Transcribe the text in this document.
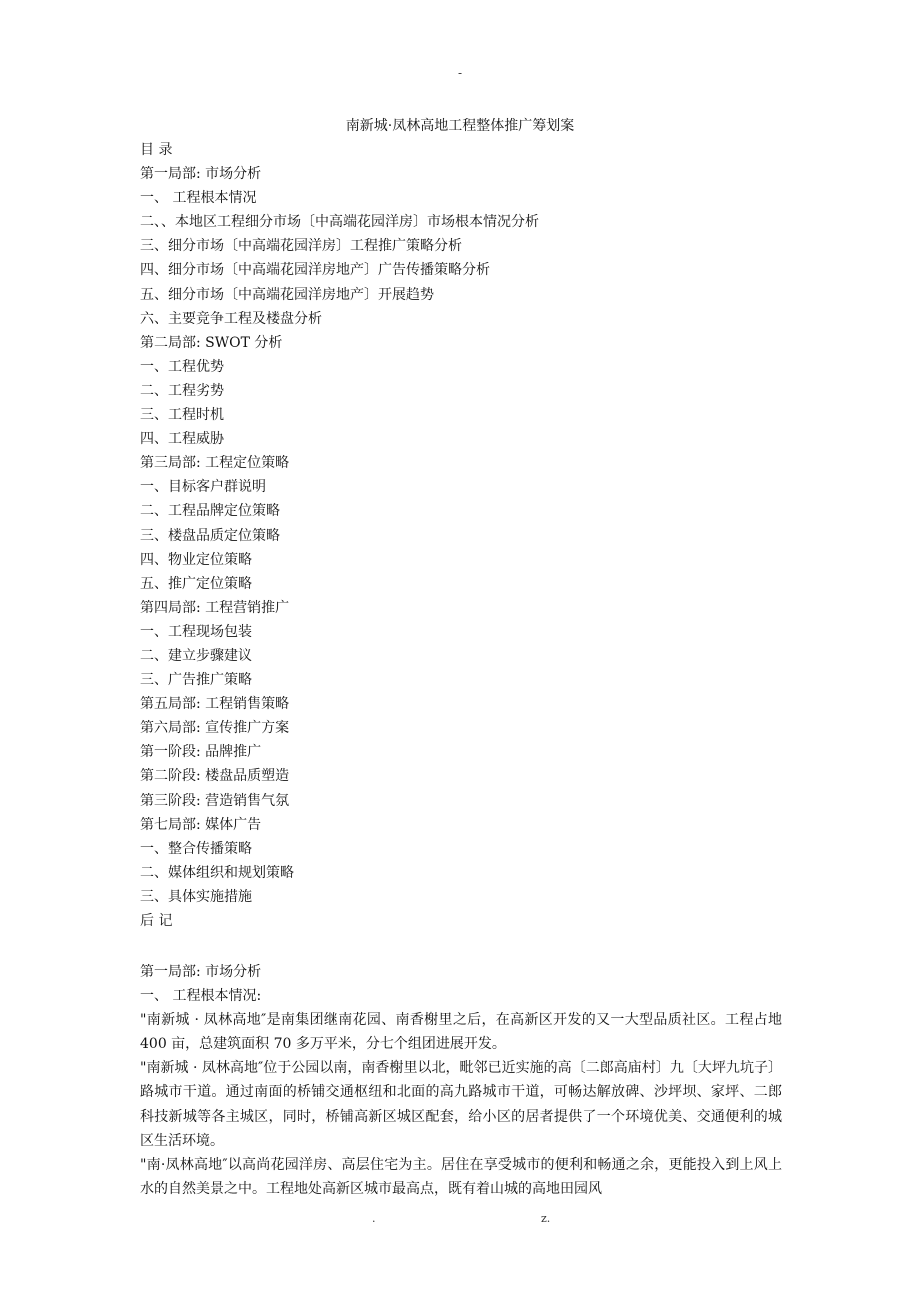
-
南新城·凤林高地工程整体推广筹划案
目 录
第一局部: 市场分析
一、 工程根本情况
二、、本地区工程细分市场〔中高端花园洋房〕市场根本情况分析
三、细分市场〔中高端花园洋房〕工程推广策略分析
四、细分市场〔中高端花园洋房地产〕广告传播策略分析
五、细分市场〔中高端花园洋房地产〕开展趋势
六、主要竞争工程及楼盘分析
第二局部: SWOT 分析
一、工程优势
二、工程劣势
三、工程时机
四、工程威胁
第三局部: 工程定位策略
一、目标客户群说明
二、工程品牌定位策略
三、楼盘品质定位策略
四、物业定位策略
五、推广定位策略
第四局部: 工程营销推广
一、工程现场包装
二、建立步骤建议
三、广告推广策略
第五局部: 工程销售策略
第六局部: 宣传推广方案
第一阶段: 品牌推广
第二阶段: 楼盘品质塑造
第三阶段: 营造销售气氛
第七局部: 媒体广告
一、整合传播策略
二、媒体组织和规划策略
三、具体实施措施
后 记
第一局部: 市场分析
一、 工程根本情况:
"南新城 · 凤林高地″是南集团继南花园、南香榭里之后，在高新区开发的又一大型品质社区。工程占地 400 亩，总建筑面积 70 多万平米，分七个组团进展开发。
"南新城 · 凤林高地″位于公园以南，南香榭里以北，毗邻已近实施的高〔二郎高庙村〕九〔大坪九坑子〕路城市干道。通过南面的桥铺交通枢纽和北面的高九路城市干道，可畅达解放碑、沙坪坝、家坪、二郎科技新城等各主城区，同时，桥铺高新区城区配套，给小区的居者提供了一个环境优美、交通便利的城区生活环境。
"南·凤林高地″以高尚花园洋房、高层住宅为主。居住在享受城市的便利和畅通之余，更能投入到上风上水的自然美景之中。工程地处高新区城市最高点，既有着山城的高地田园风
.	z.
